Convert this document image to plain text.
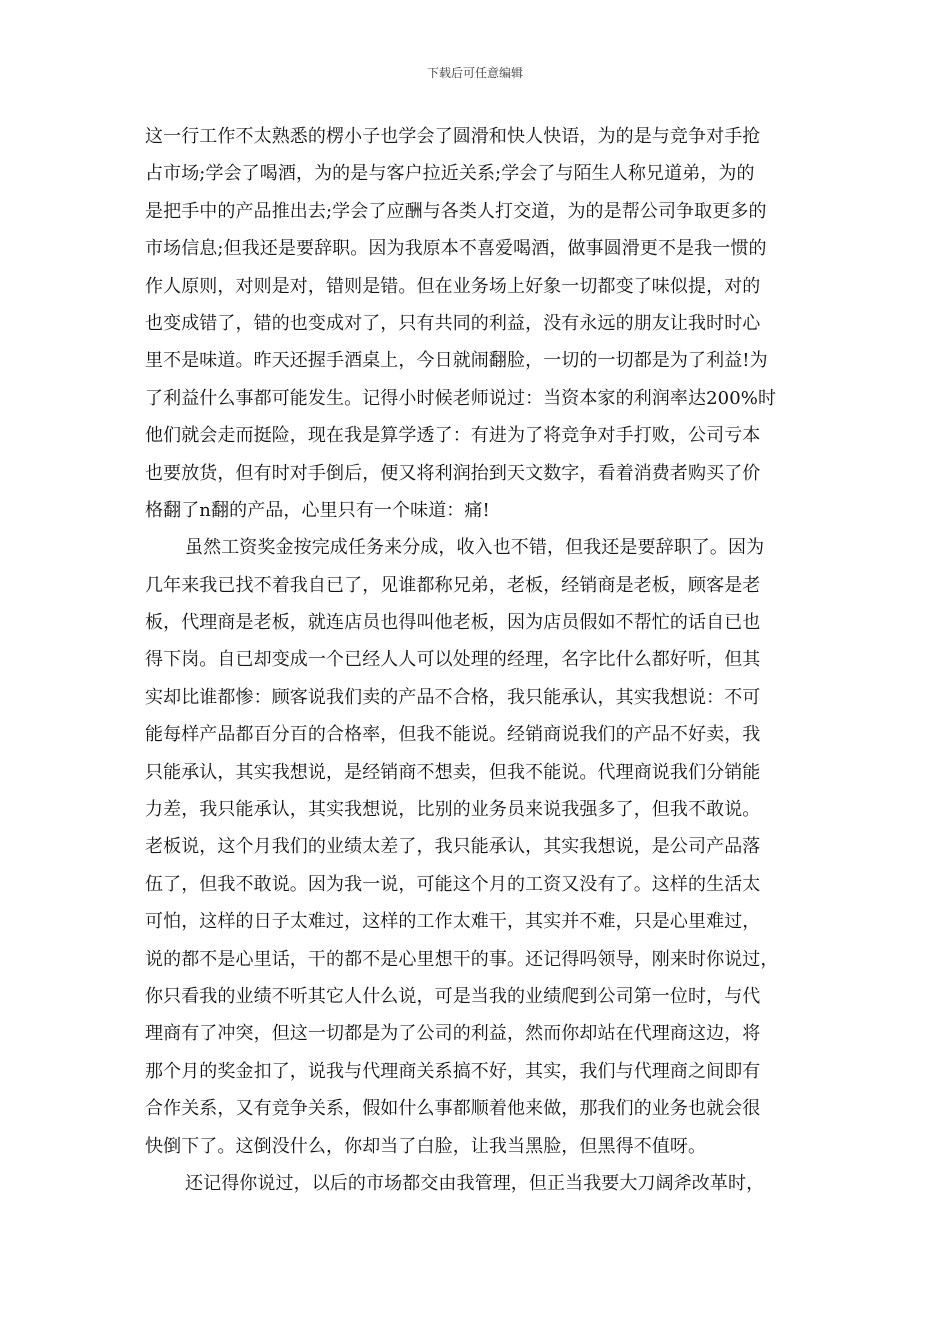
下载后可任意编辑
这一行工作不太熟悉的楞小子也学会了圆滑和快人快语，为的是与竞争对手抢
占市场;学会了喝酒，为的是与客户拉近关系;学会了与陌生人称兄道弟，为的
是把手中的产品推出去;学会了应酬与各类人打交道，为的是帮公司争取更多的
市场信息;但我还是要辞职。因为我原本不喜爱喝酒，做事圆滑更不是我一惯的
作人原则，对则是对，错则是错。但在业务场上好象一切都变了味似提，对的
也变成错了，错的也变成对了，只有共同的利益，没有永远的朋友让我时时心
里不是味道。昨天还握手酒桌上，今日就闹翻脸，一切的一切都是为了利益!为
了利益什么事都可能发生。记得小时候老师说过：当资本家的利润率达200%时
他们就会走而挺险，现在我是算学透了：有进为了将竞争对手打败，公司亏本
也要放货，但有时对手倒后，便又将利润抬到天文数字，看着消费者购买了价
格翻了n翻的产品，心里只有一个味道：痛!
虽然工资奖金按完成任务来分成，收入也不错，但我还是要辞职了。因为
几年来我已找不着我自已了，见谁都称兄弟，老板，经销商是老板，顾客是老
板，代理商是老板，就连店员也得叫他老板，因为店员假如不帮忙的话自已也
得下岗。自已却变成一个已经人人可以处理的经理，名字比什么都好听，但其
实却比谁都惨：顾客说我们卖的产品不合格，我只能承认，其实我想说：不可
能每样产品都百分百的合格率，但我不能说。经销商说我们的产品不好卖，我
只能承认，其实我想说，是经销商不想卖，但我不能说。代理商说我们分销能
力差，我只能承认，其实我想说，比别的业务员来说我强多了，但我不敢说。
老板说，这个月我们的业绩太差了，我只能承认，其实我想说，是公司产品落
伍了，但我不敢说。因为我一说，可能这个月的工资又没有了。这样的生活太
可怕，这样的日子太难过，这样的工作太难干，其实并不难，只是心里难过，
说的都不是心里话，干的都不是心里想干的事。还记得吗领导，刚来时你说过，
你只看我的业绩不听其它人什么说，可是当我的业绩爬到公司第一位时，与代
理商有了冲突，但这一切都是为了公司的利益，然而你却站在代理商这边，将
那个月的奖金扣了，说我与代理商关系搞不好，其实，我们与代理商之间即有
合作关系，又有竞争关系，假如什么事都顺着他来做，那我们的业务也就会很
快倒下了。这倒没什么，你却当了白脸，让我当黑脸，但黑得不值呀。
还记得你说过，以后的市场都交由我管理，但正当我要大刀阔斧改革时，
